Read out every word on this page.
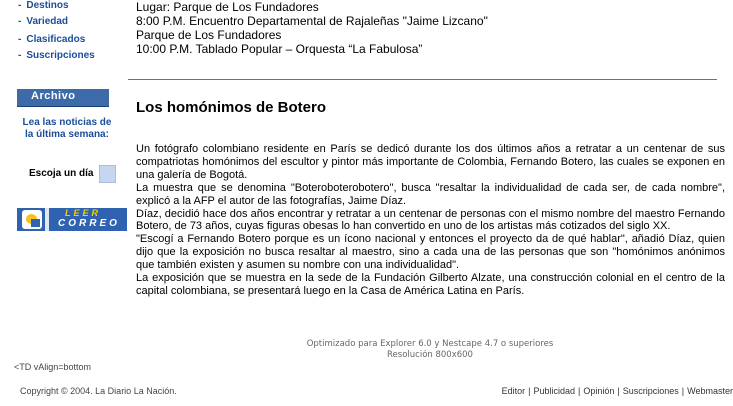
- Destinos
- Variedad
- Clasificados
- Suscripciones
Archivo
Lea las noticias de la última semana:
Escoja un día
LEER
CORREO
Lugar: Parque de Los Fundadores
8:00 P.M. Encuentro Departamental de Rajaleñas "Jaime Lizcano"
Parque de Los Fundadores
10:00 P.M. Tablado Popular – Orquesta “La Fabulosa”
Los homónimos de Botero

Un fotógrafo colombiano residente en París se dedicó durante los dos últimos años a retratar a un centenar de sus compatriotas homónimos del escultor y pintor más importante de Colombia, Fernando Botero, las cuales se exponen en una galería de Bogotá.

La muestra que se denomina "Boteroboterobotero", busca "resaltar la individualidad de cada ser, de cada nombre", explicó a la AFP el autor de las fotografías, Jaime Díaz.

Díaz, decidió hace dos años encontrar y retratar a un centenar de personas con el mismo nombre del maestro Fernando Botero, de 73 años, cuyas figuras obesas lo han convertido en uno de los artistas más cotizados del siglo XX.

"Escogí a Fernando Botero porque es un ícono nacional y entonces el proyecto da de qué hablar", añadió Díaz, quien dijo que la exposición no busca resaltar al maestro, sino a cada una de las personas que son "homónimos anónimos que también existen y asumen su nombre con una individualidad".

La exposición que se muestra en la sede de la Fundación Gilberto Alzate, una construcción colonial en el centro de la capital colombiana, se presentará luego en la Casa de América Latina en París.

Optimizado para Explorer 6.0 y Nestcape 4.7 o superiores
Resolución 800x600
<TD vAlign=bottom
Copyright © 2004. La Diario La Nación.	Editor | Publicidad | Opinión | Suscripciones | Webmaster
